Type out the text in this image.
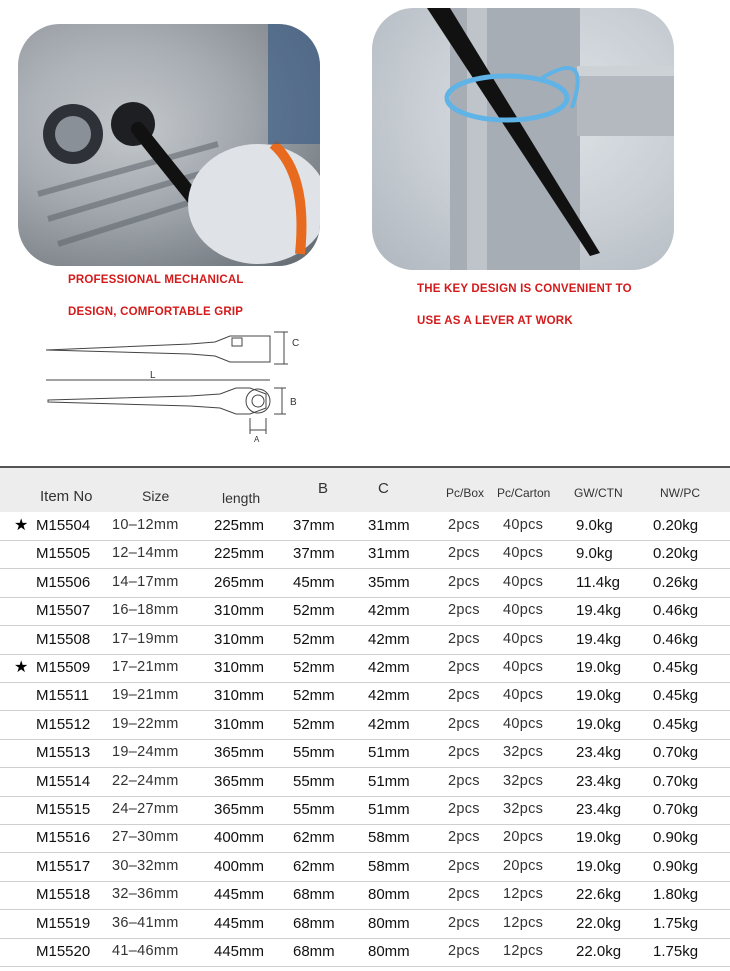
PROFESSIONAL MECHANICAL
DESIGN, COMFORTABLE GRIP
THE KEY DESIGN IS CONVENIENT TO
USE AS A LEVER AT WORK
C
L
B
A
Item No	Size	length
B	C	Pc/Box Pc/Carton GW/CTN	NW/PC
★ M15504 10–12mm 225mm 37mm 31mm	2pcs 40pcs 9.0kg	0.20kg
M15505 12–14mm 225mm 37mm 31mm	2pcs 40pcs 9.0kg	0.20kg
M15506 14–17mm 265mm 45mm 35mm	2pcs 40pcs 11.4kg 0.26kg
M15507 16–18mm 310mm 52mm 42mm	2pcs 40pcs 19.4kg 0.46kg
M15508 17–19mm 310mm 52mm 42mm	2pcs 40pcs 19.4kg 0.46kg
★ M15509 17–21mm 310mm 52mm 42mm	2pcs 40pcs 19.0kg 0.45kg
M15511 19–21mm 310mm 52mm 42mm	2pcs 40pcs 19.0kg 0.45kg
M15512 19–22mm 310mm 52mm 42mm	2pcs 40pcs 19.0kg 0.45kg
M15513 19–24mm 365mm 55mm 51mm	2pcs 32pcs 23.4kg 0.70kg
M15514 22–24mm 365mm 55mm 51mm	2pcs 32pcs 23.4kg 0.70kg
M15515 24–27mm 365mm 55mm 51mm	2pcs 32pcs 23.4kg 0.70kg
M15516 27–30mm 400mm 62mm 58mm	2pcs 20pcs 19.0kg 0.90kg
M15517 30–32mm 400mm 62mm 58mm	2pcs 20pcs 19.0kg 0.90kg
M15518 32–36mm 445mm 68mm 80mm	2pcs 12pcs 22.6kg 1.80kg
M15519 36–41mm 445mm 68mm 80mm	2pcs 12pcs 22.0kg 1.75kg
M15520 41–46mm 445mm 68mm 80mm	2pcs 12pcs 22.0kg 1.75kg
